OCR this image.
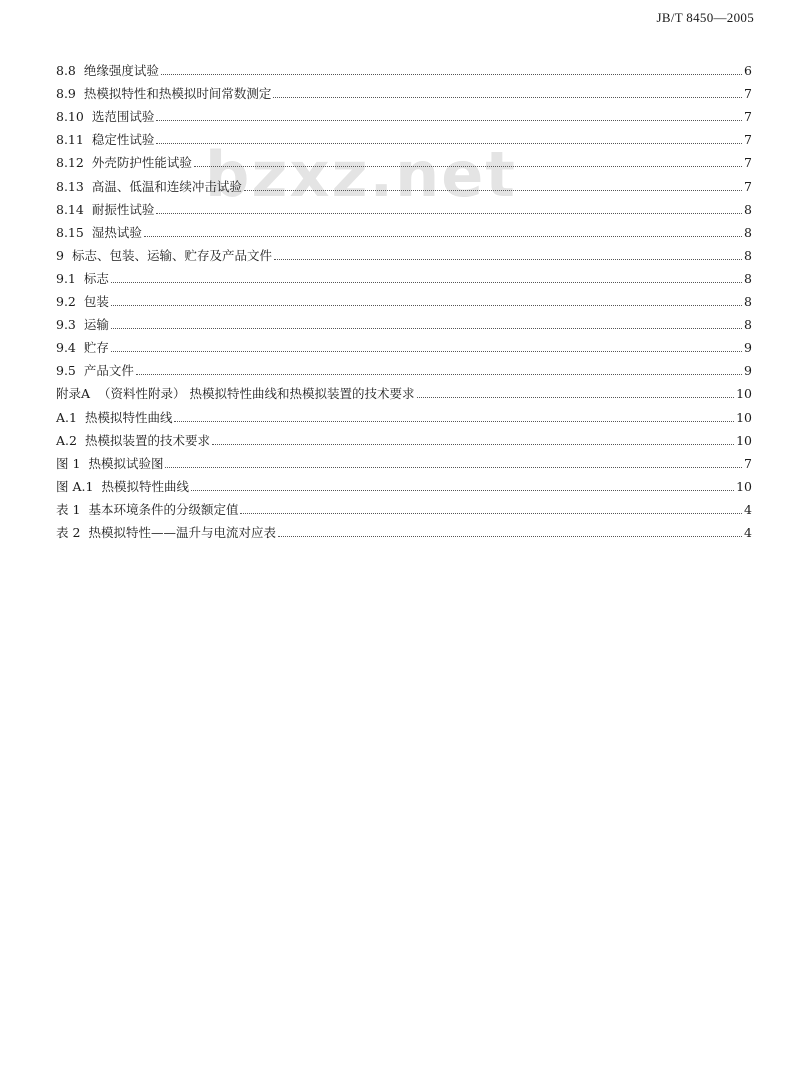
JB/T 8450—2005
bzxz.net
8.8 绝缘强度试验	6
8.9 热模拟特性和热模拟时间常数测定	7
8.10 选范围试验	7
8.11 稳定性试验	7
8.12 外壳防护性能试验	7
8.13 高温、低温和连续冲击试验	7
8.14 耐振性试验	8
8.15 湿热试验	8
9 标志、包装、运输、贮存及产品文件	8
9.1 标志	8
9.2 包装	8
9.3 运输	8
9.4 贮存	9
9.5 产品文件	9
附录A （资料性附录） 热模拟特性曲线和热模拟装置的技术要求	10
A.1 热模拟特性曲线	10
A.2 热模拟装置的技术要求	10
图 1 热模拟试验图	7
图 A.1 热模拟特性曲线	10
表 1 基本环境条件的分级额定值	4
表 2 热模拟特性——温升与电流对应表	4
